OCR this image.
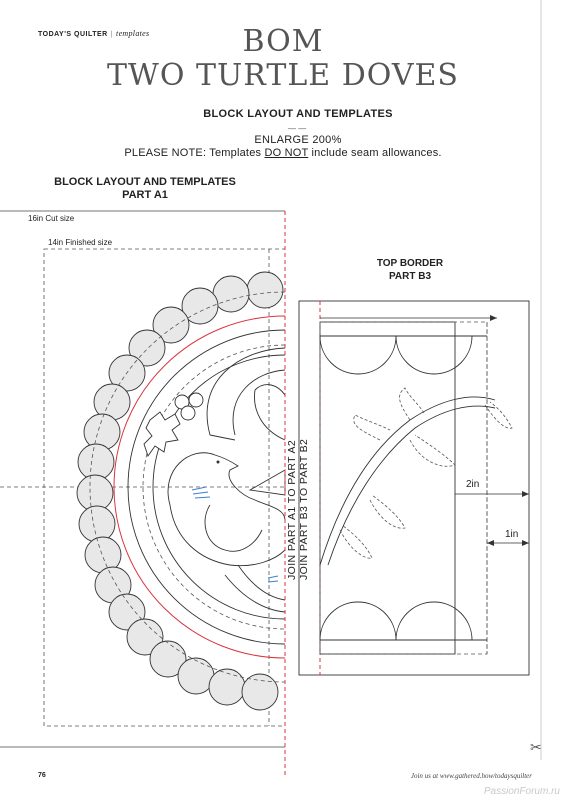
TODAY'S QUILTER | templates	BOM
TWO TURTLE DOVES
BLOCK LAYOUT AND TEMPLATES
— —
ENLARGE 200%
PLEASE NOTE: Templates DO NOT include seam allowances.
BLOCK LAYOUT AND TEMPLATES
PART A1
TOP BORDER
PART B3
16in Cut size
14in Finished size
2in
1in
✂
JOIN PART A1 TO PART A2 JOIN PART B3 TO PART B2
76	Join us at www.gathered.how/todaysquilter
PassionForum.ru
